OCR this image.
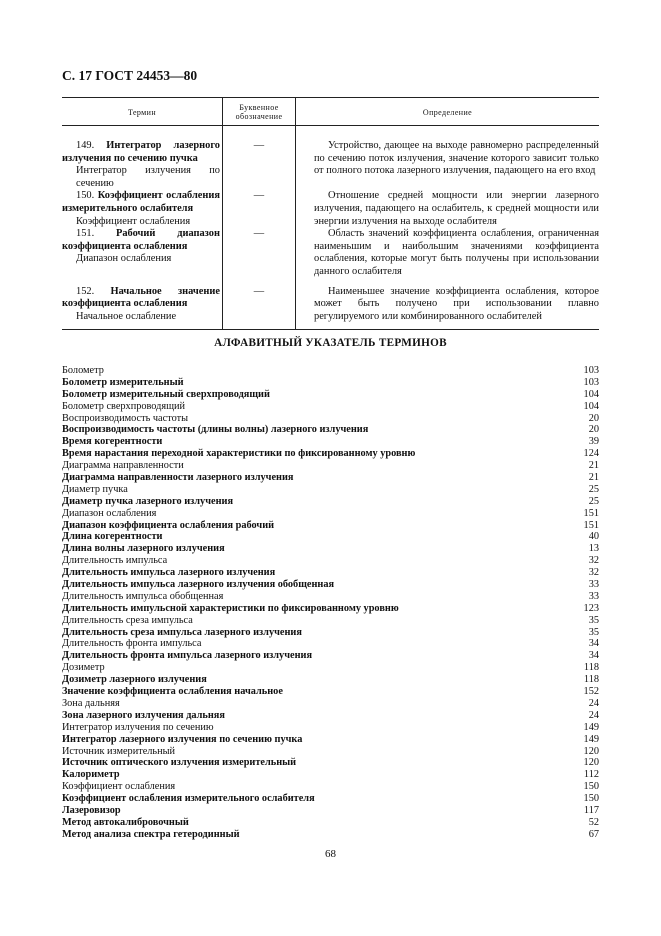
С. 17 ГОСТ 24453—80
Термин	Буквенное обозначение	Определение

149. Интегратор лазерного излучения по сечению пучка
Интегратор излучения по сечению	—	Устройство, дающее на выходе равномерно распределенный по сечению поток излучения, значение которого зависит только от полного потока лазерного излучения, падающего на его вход

150. Коэффициент ослабления измерительного ослабителя
Коэффициент ослабления	—	Отношение средней мощности или энергии лазерного излучения, падающего на ослабитель, к средней мощности или энергии излучения на выходе ослабителя

151. Рабочий диапазон коэффициента ослабления
Диапазон ослабления	—	Область значений коэффициента ослабления, ограниченная наименьшим и наибольшим значениями коэффициента ослабления, которые могут быть получены при использовании данного ослабителя

152. Начальное значение коэффициента ослабления
Начальное ослабление	—	Наименьшее значение коэффициента ослабления, которое может быть получено при использовании плавно регулируемого или комбинированного ослабителей
АЛФАВИТНЫЙ УКАЗАТЕЛЬ ТЕРМИНОВ
Болометр	103
Болометр измерительный	103
Болометр измерительный сверхпроводящий	104
Болометр сверхпроводящий	104
Воспроизводимость частоты	20
Воспроизводимость частоты (длины волны) лазерного излучения	20
Время когерентности	39
Время нарастания переходной характеристики по фиксированному уровню	124
Диаграмма направленности	21
Диаграмма направленности лазерного излучения	21
Диаметр пучка	25
Диаметр пучка лазерного излучения	25
Диапазон ослабления	151
Диапазон коэффициента ослабления рабочий	151
Длина когерентности	40
Длина волны лазерного излучения	13
Длительность импульса	32
Длительность импульса лазерного излучения	32
Длительность импульса лазерного излучения обобщенная	33
Длительность импульса обобщенная	33
Длительность импульсной характеристики по фиксированному уровню	123
Длительность среза импульса	35
Длительность среза импульса лазерного излучения	35
Длительность фронта импульса	34
Длительность фронта импульса лазерного излучения	34
Дозиметр	118
Дозиметр лазерного излучения	118
Значение коэффициента ослабления начальное	152
Зона дальняя	24
Зона лазерного излучения дальняя	24
Интегратор излучения по сечению	149
Интегратор лазерного излучения по сечению пучка	149
Источник измерительный	120
Источник оптического излучения измерительный	120
Калориметр	112
Коэффициент ослабления	150
Коэффициент ослабления измерительного ослабителя	150
Лазеровизор	117
Метод автокалибровочный	52
Метод анализа спектра гетеродинный	67
68
